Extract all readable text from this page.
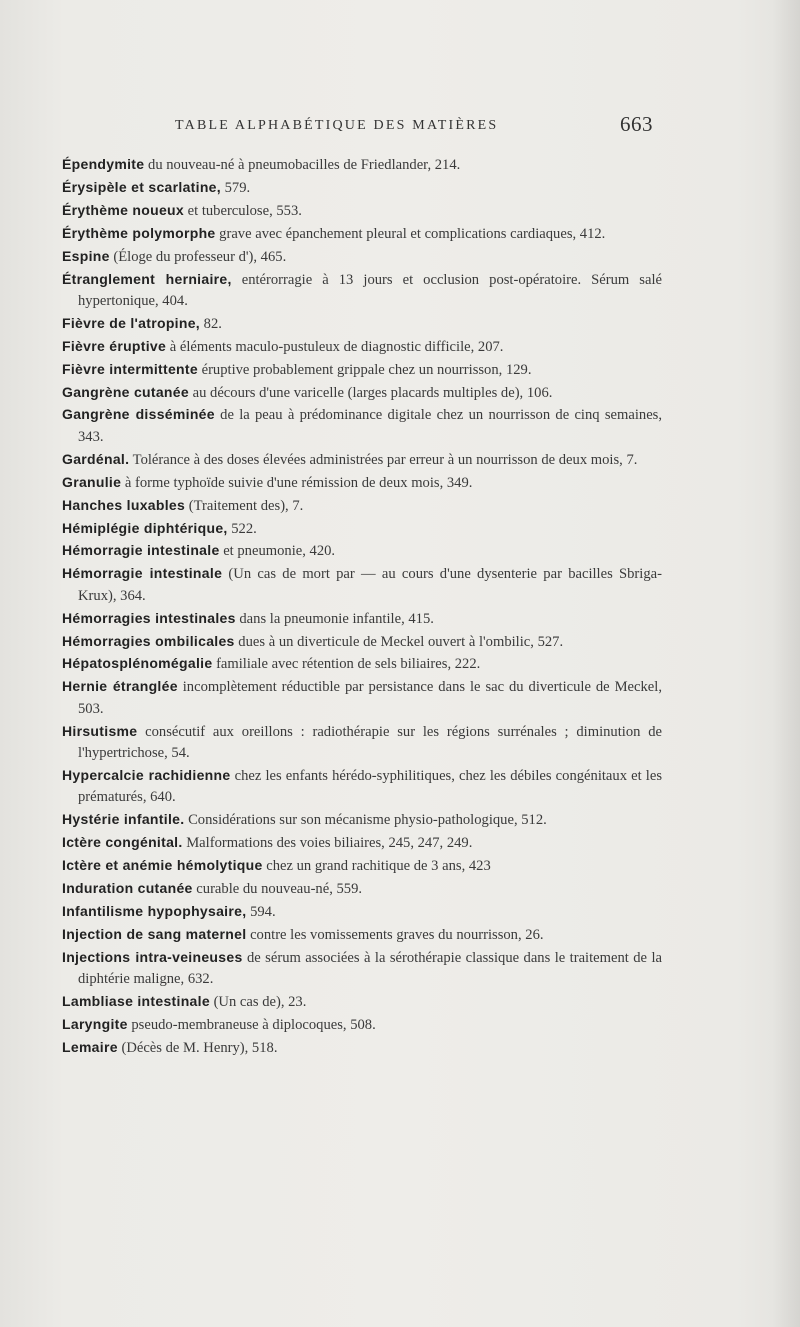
TABLE ALPHABÉTIQUE DES MATIÈRES	663

Épendymite du nouveau-né à pneumobacilles de Friedlander, 214.

Érysipèle et scarlatine, 579.

Érythème noueux et tuberculose, 553.

Érythème polymorphe grave avec épanchement pleural et complications cardiaques, 412.

Espine (Éloge du professeur d'), 465.

Étranglement herniaire, entérorragie à 13 jours et occlusion post-opératoire. Sérum salé hypertonique, 404.

Fièvre de l'atropine, 82.

Fièvre éruptive à éléments maculo-pustuleux de diagnostic difficile, 207.

Fièvre intermittente éruptive probablement grippale chez un nourrisson, 129.

Gangrène cutanée au décours d'une varicelle (larges placards multiples de), 106.

Gangrène disséminée de la peau à prédominance digitale chez un nourrisson de cinq semaines, 343.

Gardénal. Tolérance à des doses élevées administrées par erreur à un nourrisson de deux mois, 7.

Granulie à forme typhoïde suivie d'une rémission de deux mois, 349.

Hanches luxables (Traitement des), 7.

Hémiplégie diphtérique, 522.

Hémorragie intestinale et pneumonie, 420.

Hémorragie intestinale (Un cas de mort par — au cours d'une dysenterie par bacilles Sbriga-Krux), 364.

Hémorragies intestinales dans la pneumonie infantile, 415.

Hémorragies ombilicales dues à un diverticule de Meckel ouvert à l'ombilic, 527.

Hépatosplénomégalie familiale avec rétention de sels biliaires, 222.

Hernie étranglée incomplètement réductible par persistance dans le sac du diverticule de Meckel, 503.

Hirsutisme consécutif aux oreillons : radiothérapie sur les régions surrénales ; diminution de l'hypertrichose, 54.

Hypercalcie rachidienne chez les enfants hérédo-syphilitiques, chez les débiles congénitaux et les prématurés, 640.

Hystérie infantile. Considérations sur son mécanisme physio-pathologique, 512.

Ictère congénital. Malformations des voies biliaires, 245, 247, 249.

Ictère et anémie hémolytique chez un grand rachitique de 3 ans, 423

Induration cutanée curable du nouveau-né, 559.

Infantilisme hypophysaire, 594.

Injection de sang maternel contre les vomissements graves du nourrisson, 26.

Injections intra-veineuses de sérum associées à la sérothérapie classique dans le traitement de la diphtérie maligne, 632.

Lambliase intestinale (Un cas de), 23.

Laryngite pseudo-membraneuse à diplocoques, 508.

Lemaire (Décès de M. Henry), 518.
